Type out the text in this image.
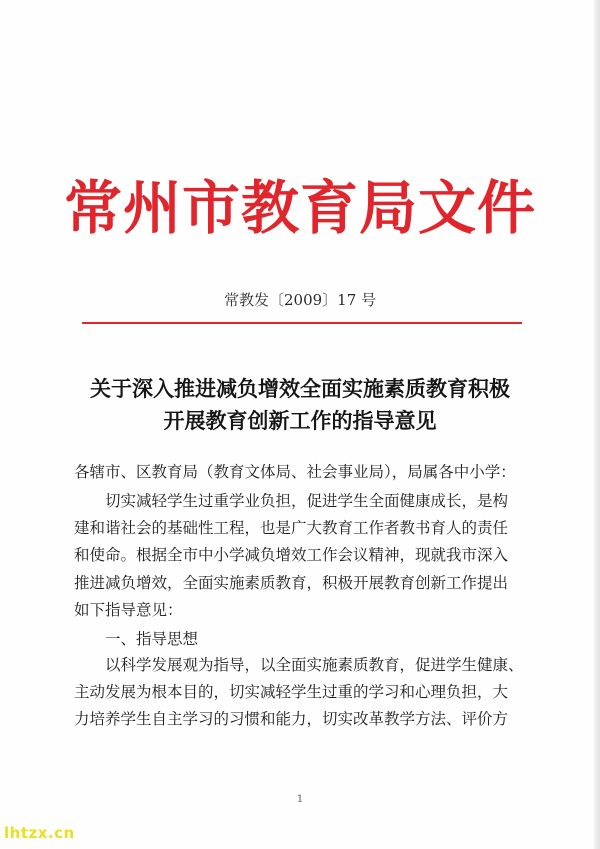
常州市教育局文件
常教发〔2009〕17 号
关于深入推进减负增效全面实施素质教育积极
开展教育创新工作的指导意见
各辖市、区教育局（教育文体局、社会事业局），局属各中小学：
切实减轻学生过重学业负担，促进学生全面健康成长，是构
建和谐社会的基础性工程，也是广大教育工作者教书育人的责任
和使命。根据全市中小学减负增效工作会议精神，现就我市深入
推进减负增效，全面实施素质教育，积极开展教育创新工作提出
如下指导意见：
一、指导思想
以科学发展观为指导，以全面实施素质教育，促进学生健康、
主动发展为根本目的，切实减轻学生过重的学习和心理负担，大
力培养学生自主学习的习惯和能力，切实改革教学方法、评价方
1
lhtzx.cn
